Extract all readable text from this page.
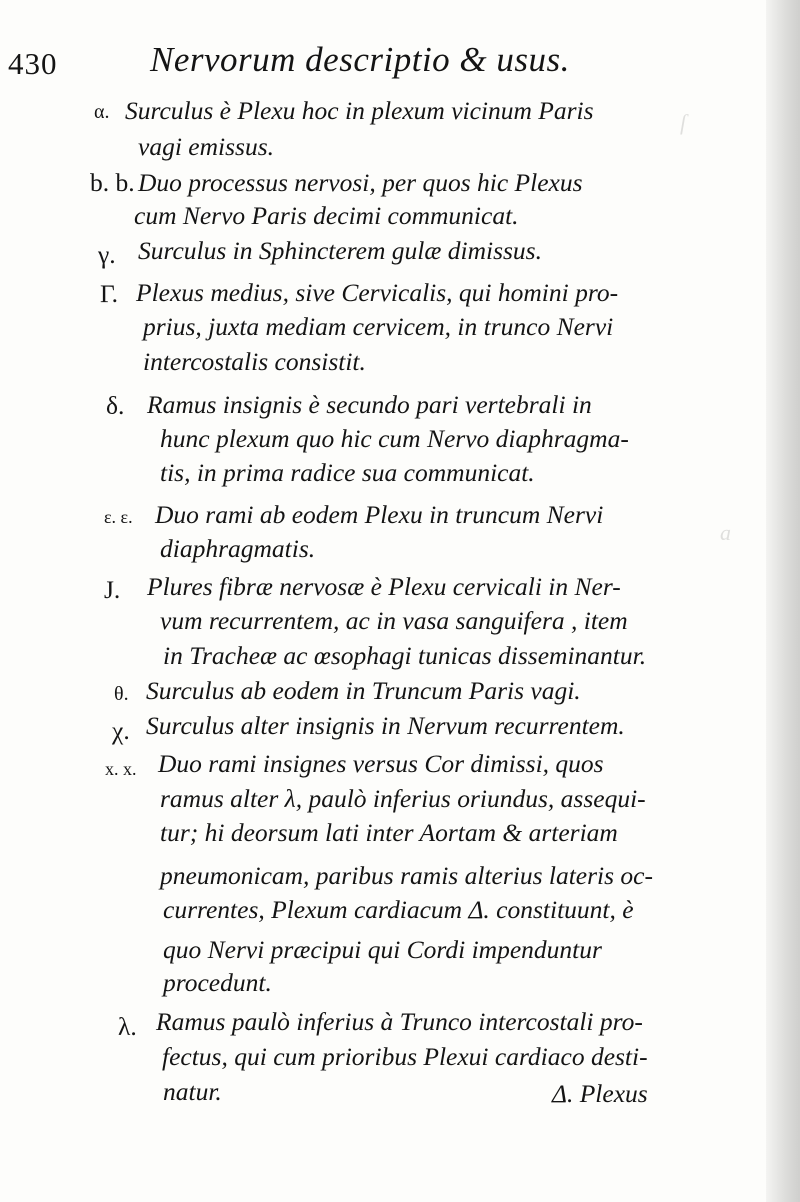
ſ
a
430	Nervorum descriptio & usus.
α. Surculus è Plexu hoc in plexum vicinum Paris
vagi emissus.
b. b. Duo processus nervosi, per quos hic Plexus
cum Nervo Paris decimi communicat.
γ. Surculus in Sphincterem gulæ dimissus.
Γ. Plexus medius, sive Cervicalis, qui homini pro-
prius, juxta mediam cervicem, in trunco Nervi
intercostalis consistit.
δ. Ramus insignis è secundo pari vertebrali in
hunc plexum quo hic cum Nervo diaphragma-
tis, in prima radice sua communicat.
ε. ε. Duo rami ab eodem Plexu in truncum Nervi
diaphragmatis.
J. Plures fibræ nervosæ è Plexu cervicali in Ner-
vum recurrentem, ac in vasa sanguifera , item
in Tracheæ ac œsophagi tunicas disseminantur.
θ. Surculus ab eodem in Truncum Paris vagi.
χ. Surculus alter insignis in Nervum recurrentem.
x. x. Duo rami insignes versus Cor dimissi, quos
ramus alter λ, paulò inferius oriundus, assequi-
tur; hi deorsum lati inter Aortam & arteriam
pneumonicam, paribus ramis alterius lateris oc-
currentes, Plexum cardiacum Δ. constituunt, è
quo Nervi præcipui qui Cordi impenduntur
procedunt.
λ. Ramus paulò inferius à Trunco intercostali pro-
fectus, qui cum prioribus Plexui cardiaco desti-
natur.	Δ. Plexus
